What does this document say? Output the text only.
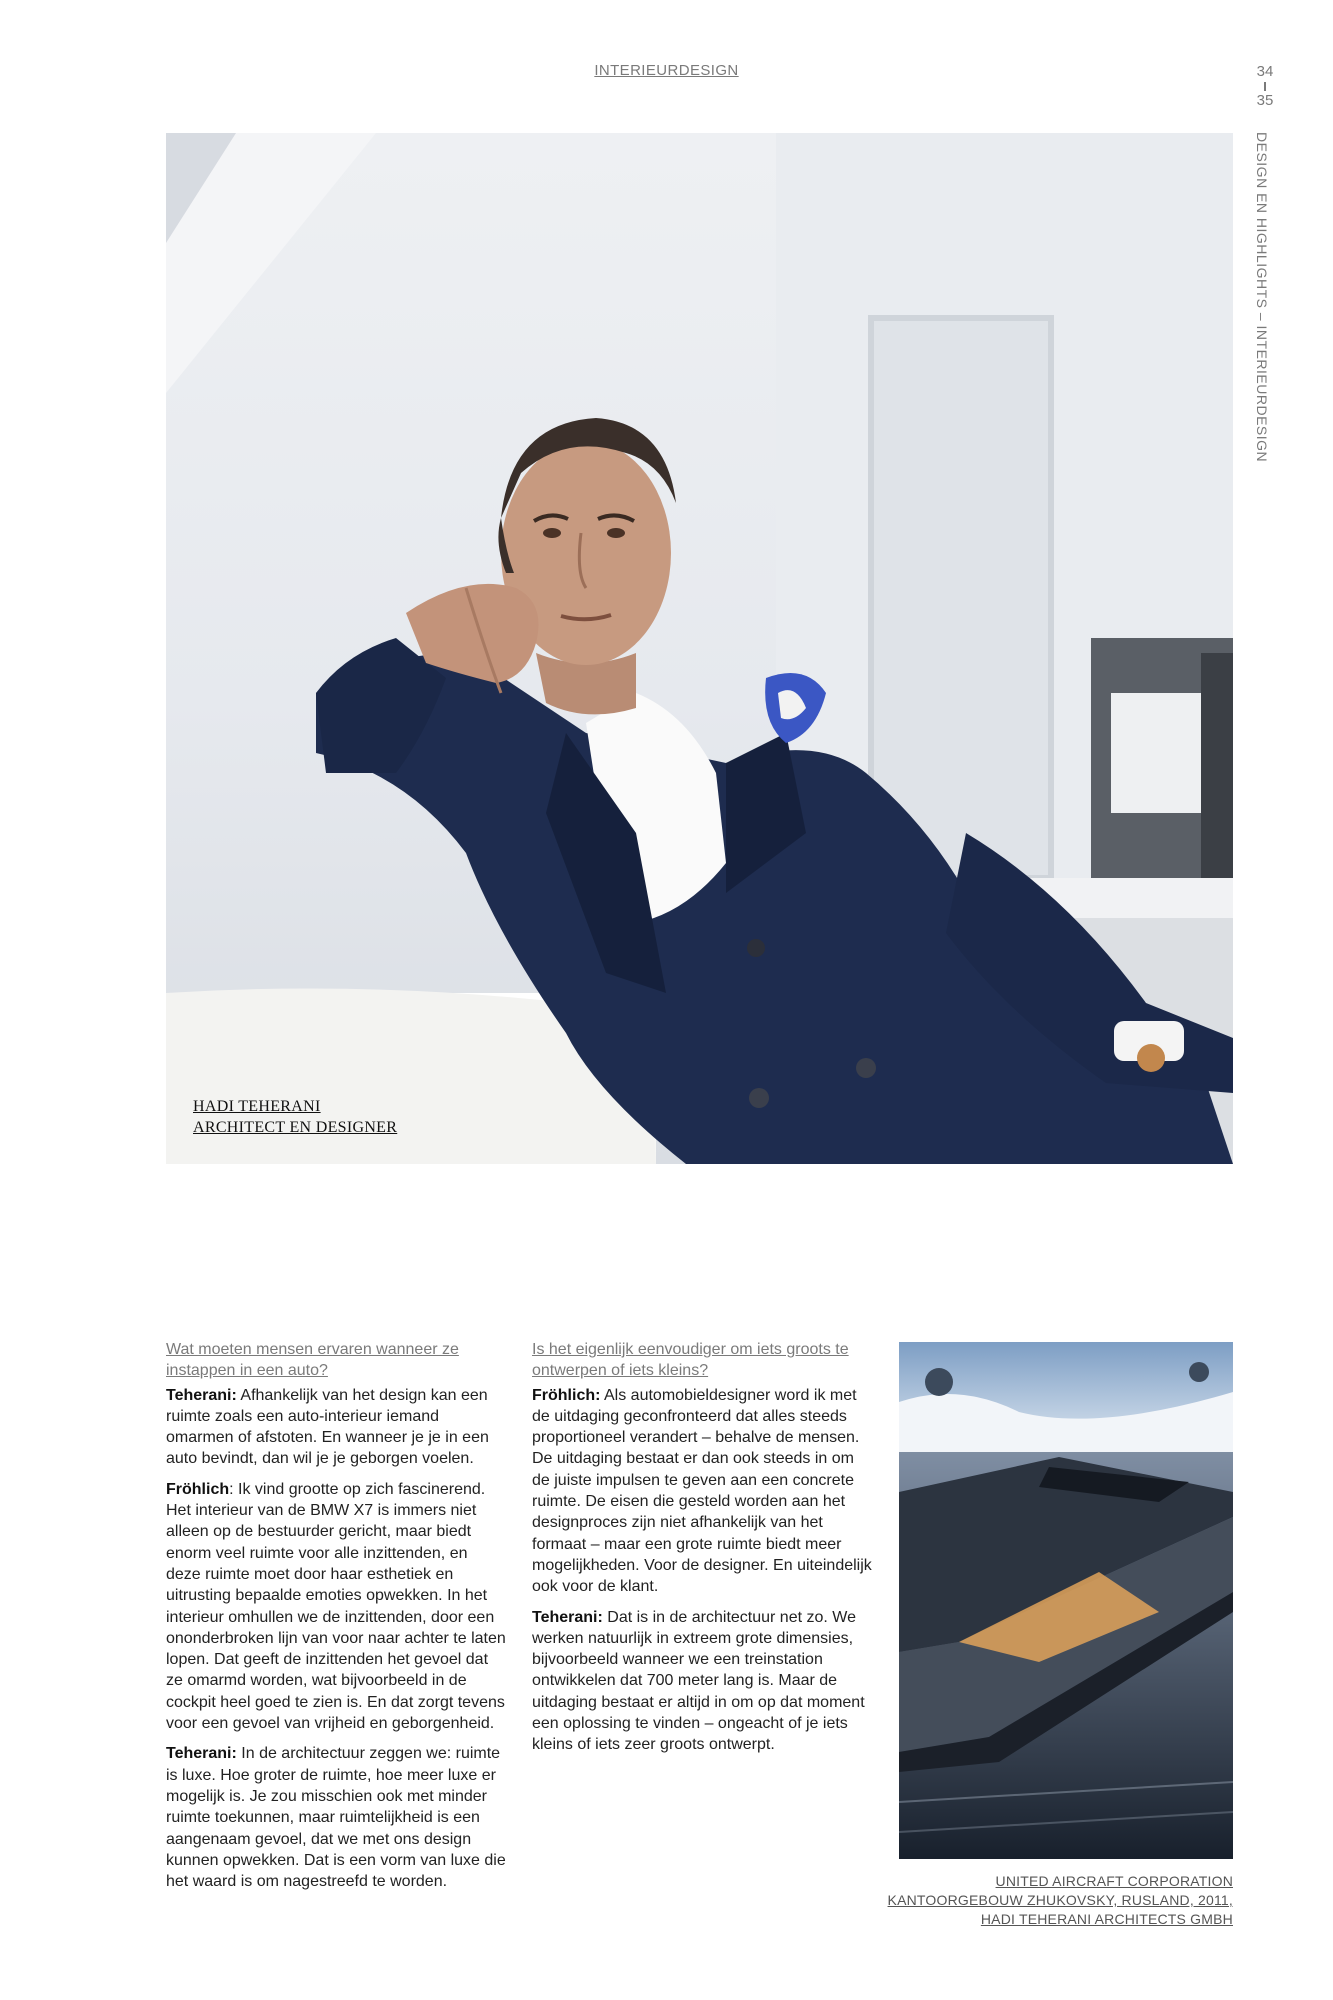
INTERIEURDESIGN	34
35
DESIGN EN HIGHLIGHTS – INTERIEURDESIGN
HADI TEHERANI
ARCHITECT EN DESIGNER

Wat moeten mensen ervaren wanneer ze instappen in een auto?

Teherani: Afhankelijk van het design kan een ruimte zoals een auto-interieur iemand omarmen of afstoten. En wanneer je je in een auto bevindt, dan wil je je geborgen voelen.

Fröhlich: Ik vind grootte op zich fascinerend. Het interieur van de BMW X7 is immers niet alleen op de bestuurder gericht, maar biedt enorm veel ruimte voor alle inzittenden, en deze ruimte moet door haar esthetiek en uitrusting bepaalde emoties opwekken. In het interieur omhullen we de inzittenden, door een ononderbroken lijn van voor naar achter te laten lopen. Dat geeft de inzittenden het gevoel dat ze omarmd worden, wat bijvoorbeeld in de cockpit heel goed te zien is. En dat zorgt tevens voor een gevoel van vrijheid en geborgenheid.

Teherani: In de architectuur zeggen we: ruimte is luxe. Hoe groter de ruimte, hoe meer luxe er mogelijk is. Je zou misschien ook met minder ruimte toekunnen, maar ruimtelijkheid is een aangenaam gevoel, dat we met ons design kunnen opwekken. Dat is een vorm van luxe die het waard is om nagestreefd te worden.

Is het eigenlijk eenvoudiger om iets groots te ontwerpen of iets kleins?

Fröhlich: Als automobieldesigner word ik met de uitdaging geconfronteerd dat alles steeds proportioneel verandert – behalve de mensen. De uitdaging bestaat er dan ook steeds in om de juiste impulsen te geven aan een concrete ruimte. De eisen die gesteld worden aan het designproces zijn niet afhankelijk van het formaat – maar een grote ruimte biedt meer mogelijkheden. Voor de designer. En uiteindelijk ook voor de klant.

Teherani: Dat is in de architectuur net zo. We werken natuurlijk in extreem grote dimensies, bijvoorbeeld wanneer we een treinstation ontwikkelen dat 700 meter lang is. Maar de uitdaging bestaat er altijd in om op dat moment een oplossing te vinden – ongeacht of je iets kleins of iets zeer groots ontwerpt.

UNITED AIRCRAFT CORPORATION
KANTOORGEBOUW ZHUKOVSKY, RUSLAND, 2011,
HADI TEHERANI ARCHITECTS GMBH
